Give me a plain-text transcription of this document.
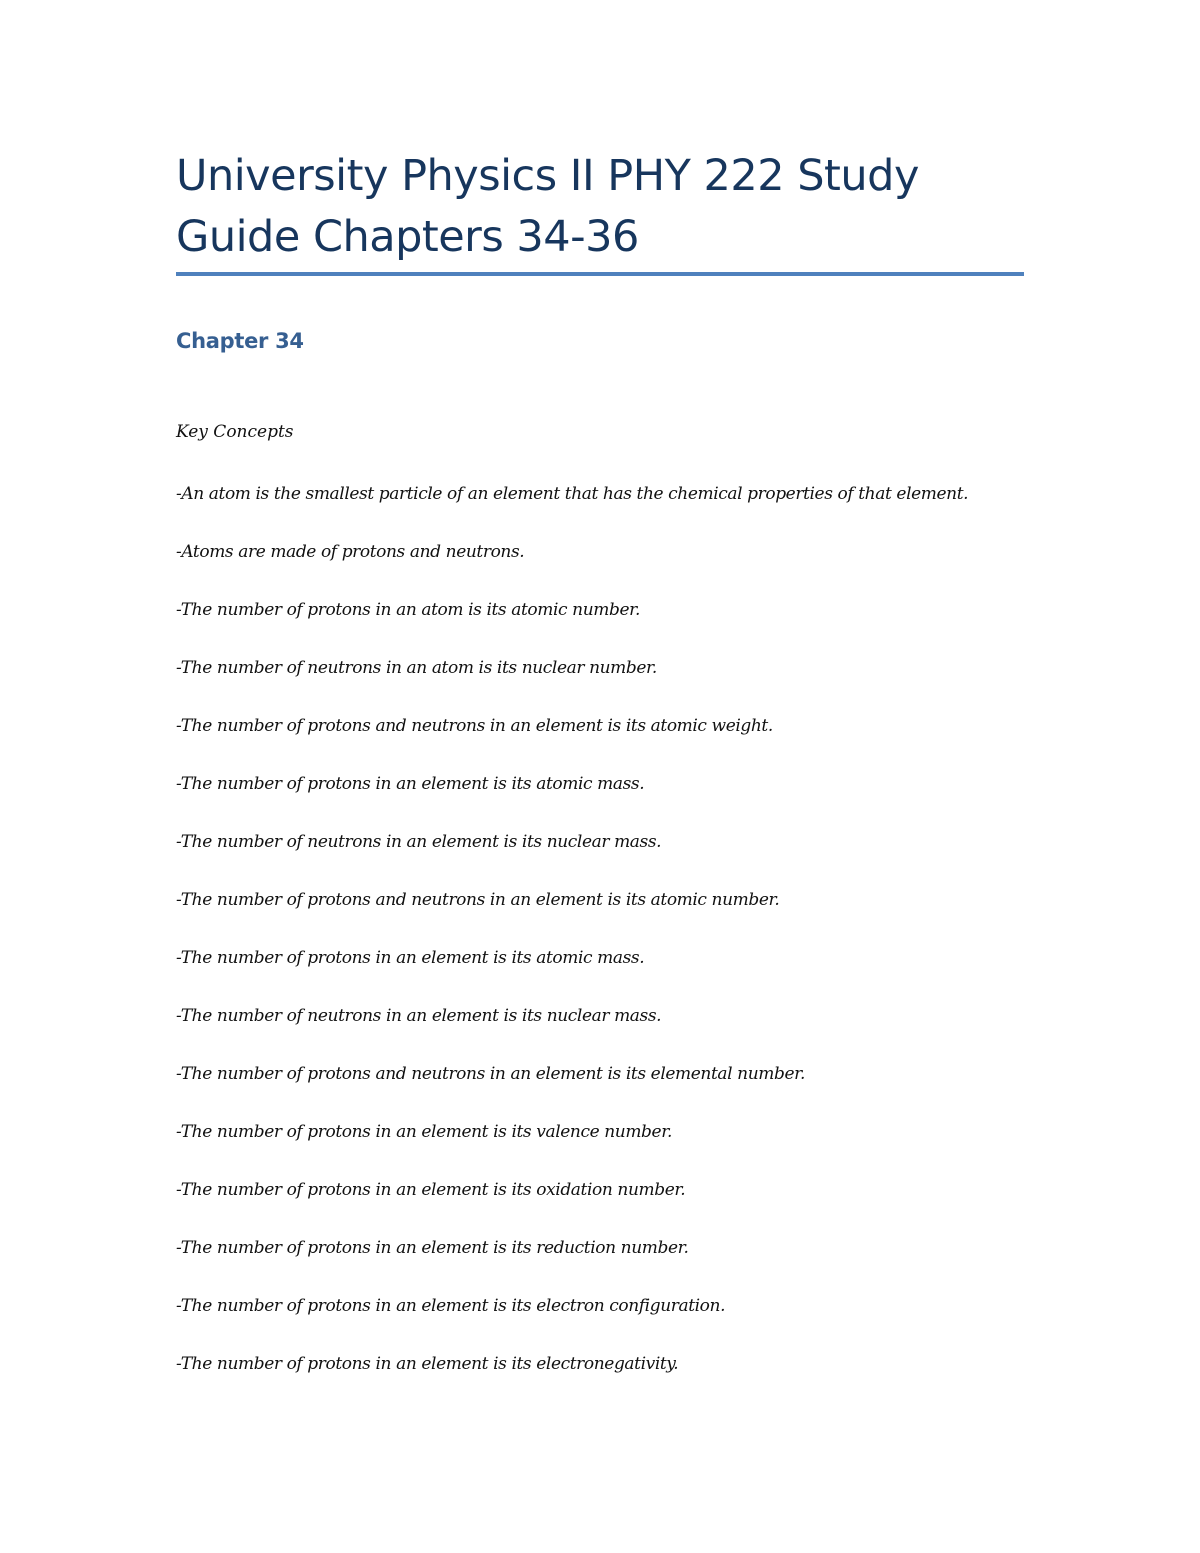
University Physics II PHY 222 Study Guide Chapters 34-36
Chapter 34

Key Concepts

-An atom is the smallest particle of an element that has the chemical properties of that element.
-Atoms are made of protons and neutrons.
-The number of protons in an atom is its atomic number.
-The number of neutrons in an atom is its nuclear number.
-The number of protons and neutrons in an element is its atomic weight.
-The number of protons in an element is its atomic mass.
-The number of neutrons in an element is its nuclear mass.
-The number of protons and neutrons in an element is its atomic number.
-The number of protons in an element is its atomic mass.
-The number of neutrons in an element is its nuclear mass.
-The number of protons and neutrons in an element is its elemental number.
-The number of protons in an element is its valence number.
-The number of protons in an element is its oxidation number.
-The number of protons in an element is its reduction number.
-The number of protons in an element is its electron configuration.
-The number of protons in an element is its electronegativity.
